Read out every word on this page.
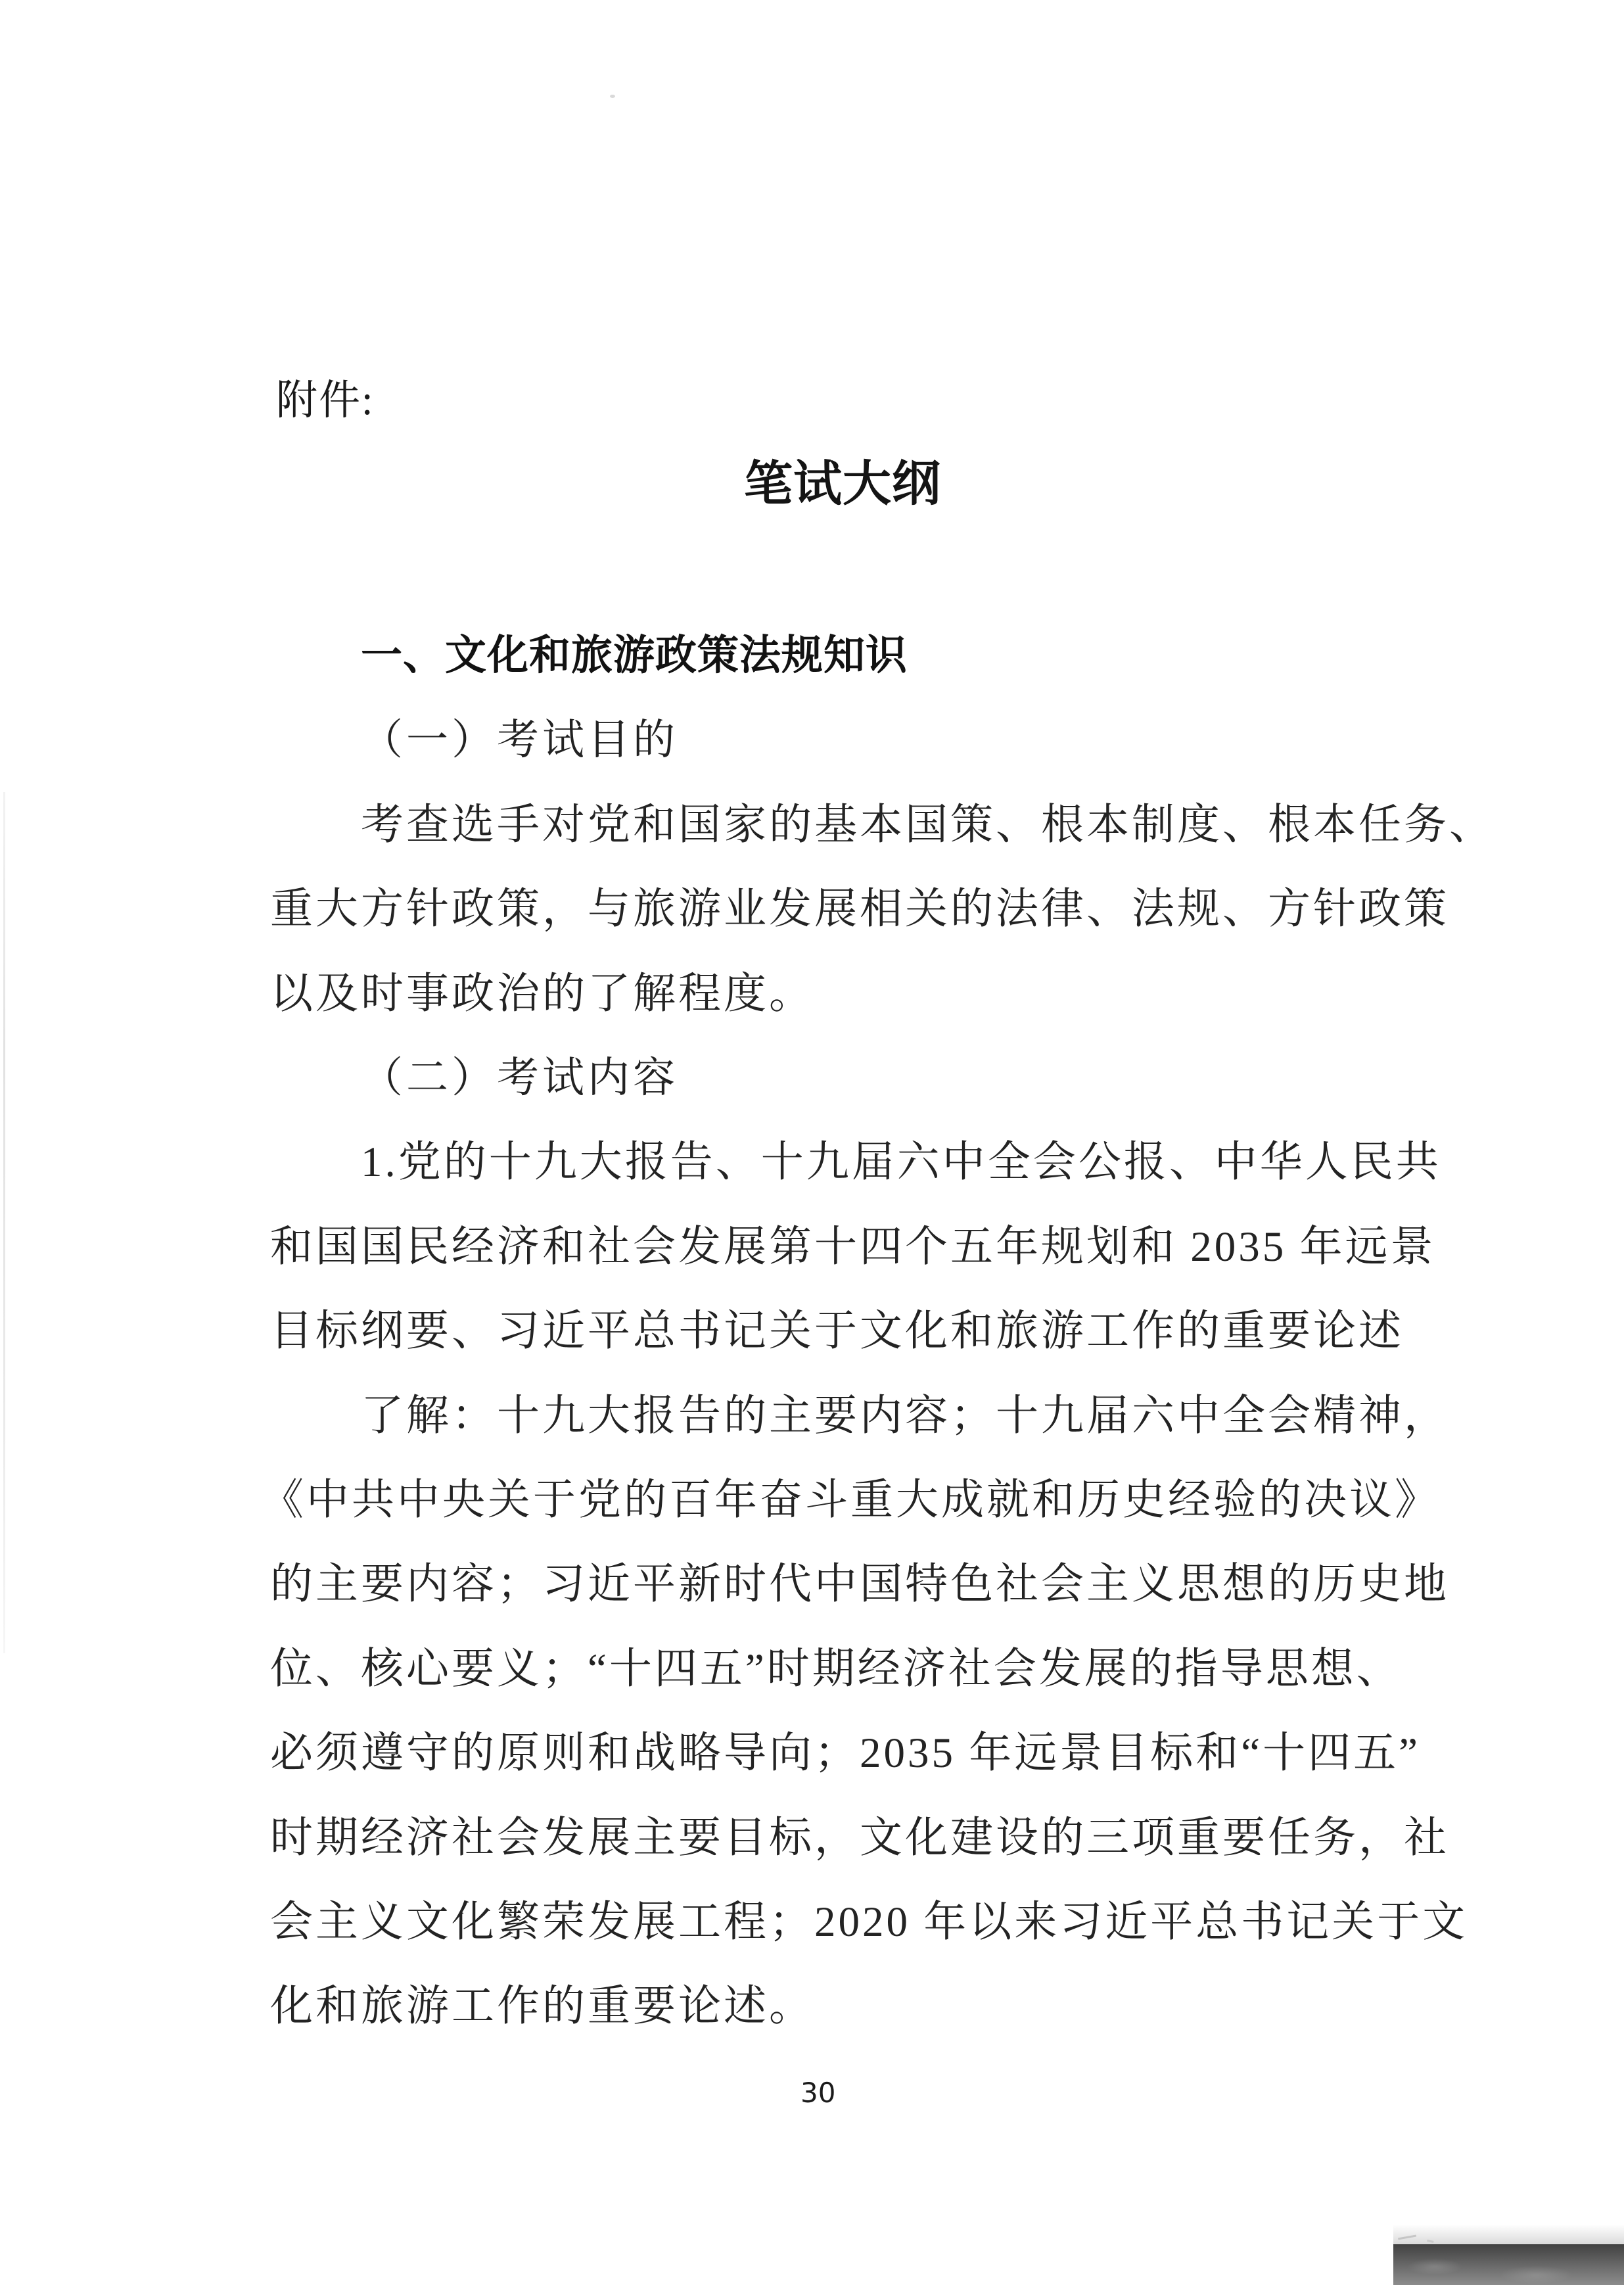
附件:
笔试大纲
一、文化和旅游政策法规知识
（一）考试目的
考查选手对党和国家的基本国策、根本制度、根本任务、
重大方针政策，与旅游业发展相关的法律、法规、方针政策
以及时事政治的了解程度。
（二）考试内容
1.党的十九大报告、十九届六中全会公报、中华人民共
和国国民经济和社会发展第十四个五年规划和 2035 年远景
目标纲要、习近平总书记关于文化和旅游工作的重要论述
了解：十九大报告的主要内容；十九届六中全会精神，
《中共中央关于党的百年奋斗重大成就和历史经验的决议》
的主要内容；习近平新时代中国特色社会主义思想的历史地
位、核心要义；“十四五”时期经济社会发展的指导思想、
必须遵守的原则和战略导向；2035 年远景目标和“十四五”
时期经济社会发展主要目标，文化建设的三项重要任务，社
会主义文化繁荣发展工程；2020 年以来习近平总书记关于文
化和旅游工作的重要论述。
30
